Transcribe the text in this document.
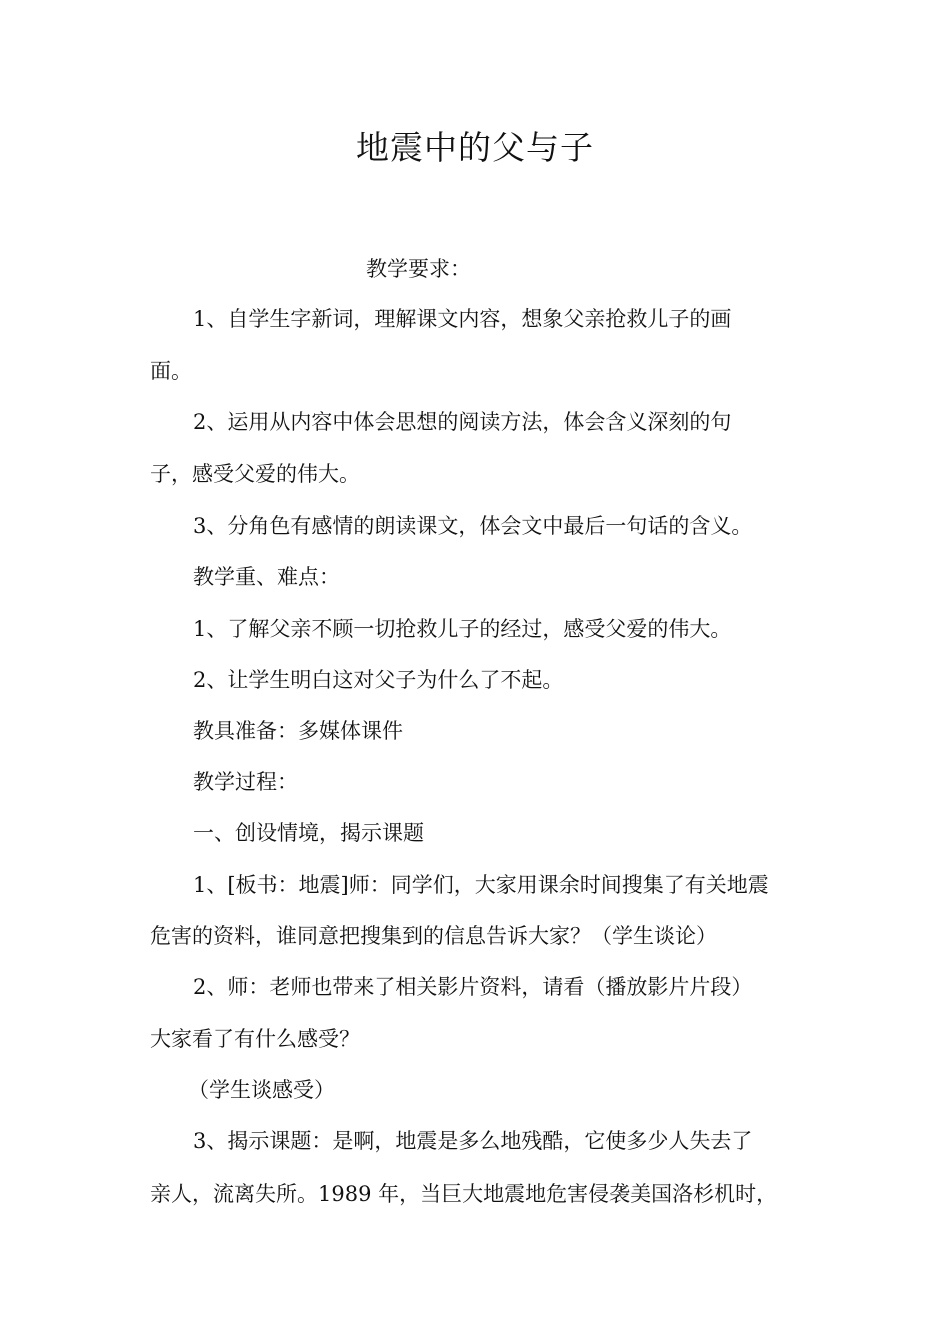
地震中的父与子

教学要求：

1、自学生字新词，理解课文内容，想象父亲抢救儿子的画

面。

2、运用从内容中体会思想的阅读方法，体会含义深刻的句

子，感受父爱的伟大。

3、分角色有感情的朗读课文，体会文中最后一句话的含义。

教学重、难点：

1、了解父亲不顾一切抢救儿子的经过，感受父爱的伟大。

2、让学生明白这对父子为什么了不起。

教具准备：多媒体课件

教学过程：

一、创设情境，揭示课题

1、[板书：地震]师：同学们，大家用课余时间搜集了有关地震

危害的资料，谁同意把搜集到的信息告诉大家？（学生谈论）

2、师：老师也带来了相关影片资料，请看（播放影片片段）

大家看了有什么感受？

（学生谈感受）

3、揭示课题：是啊，地震是多么地残酷，它使多少人失去了

亲人，流离失所。1989 年，当巨大地震地危害侵袭美国洛杉机时，
